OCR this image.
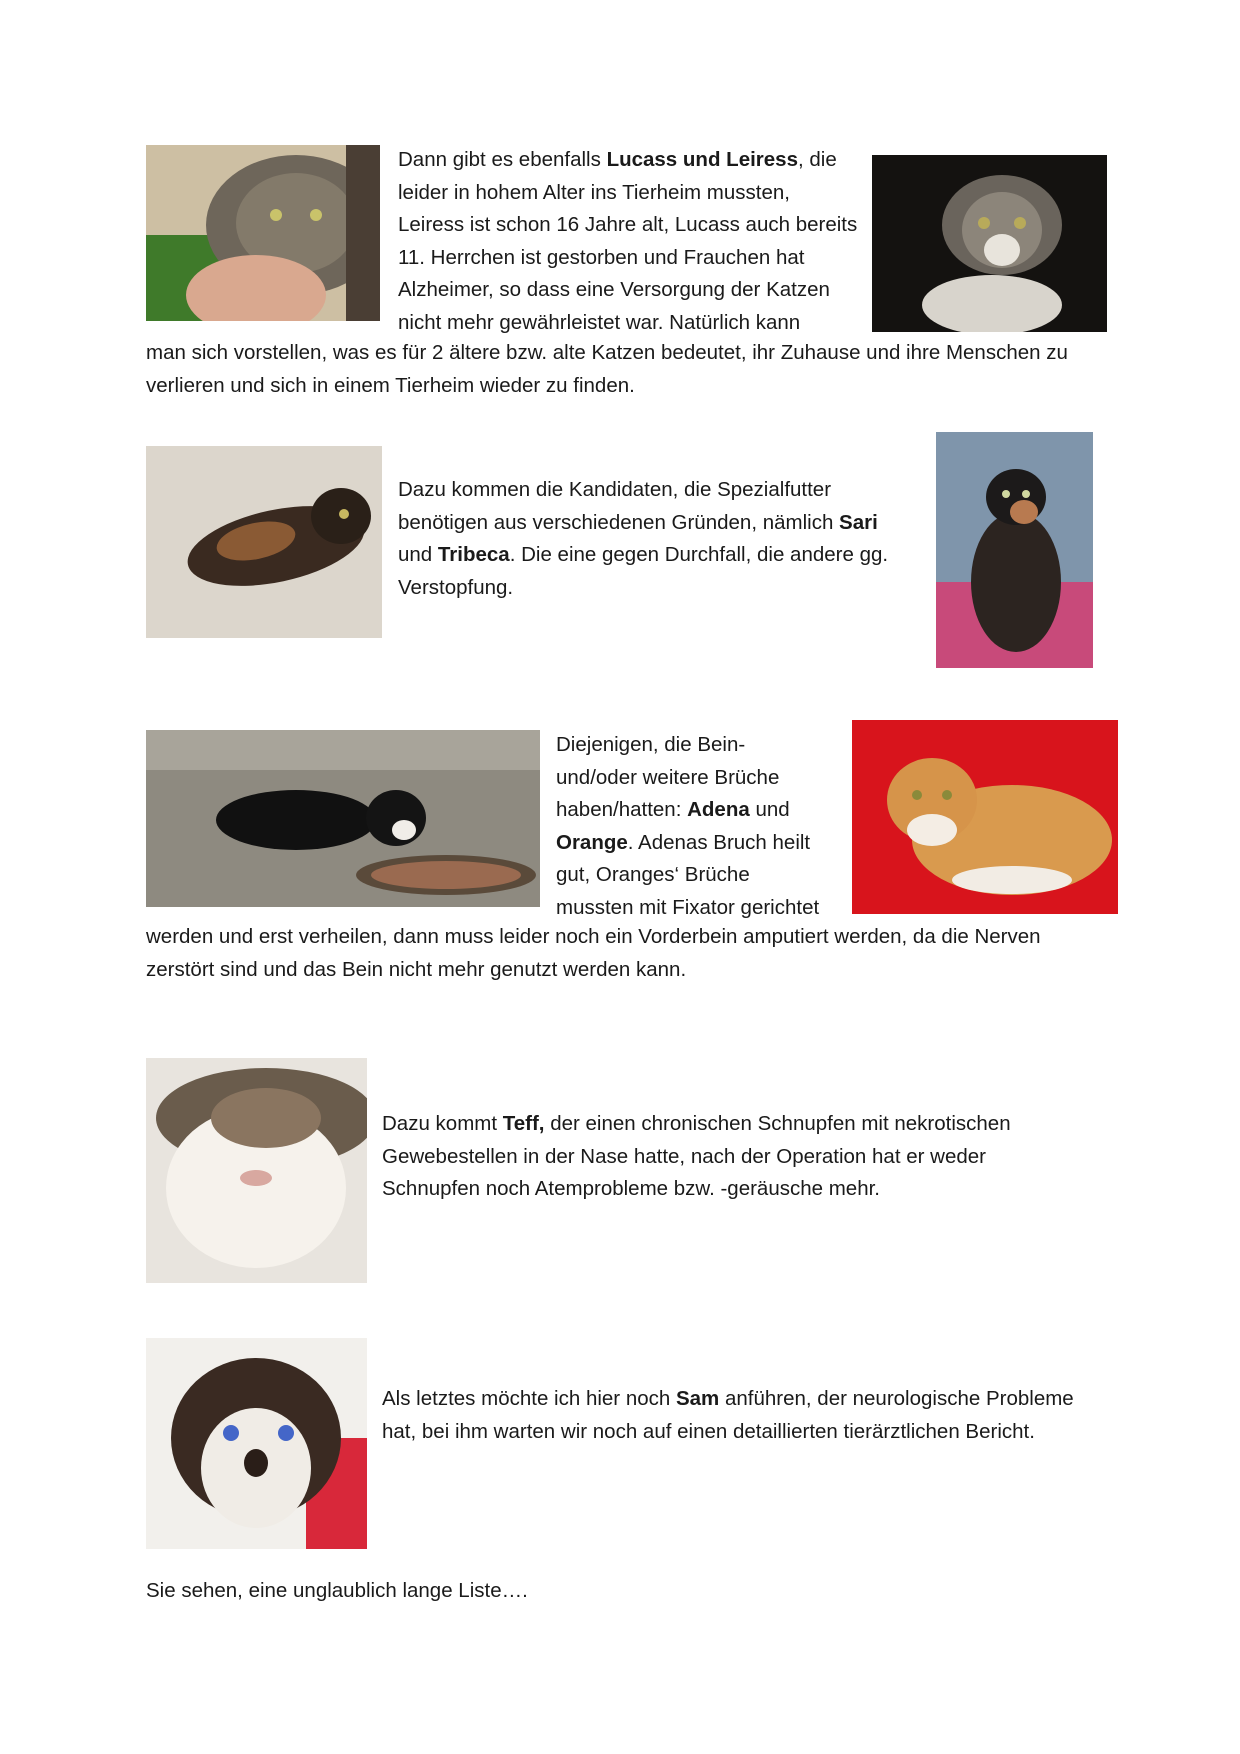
Dann gibt es ebenfalls Lucass und Leiress, die
leider in hohem Alter ins Tierheim mussten,
Leiress ist schon 16 Jahre alt, Lucass auch bereits
11. Herrchen ist gestorben und Frauchen hat
Alzheimer, so dass eine Versorgung der Katzen
nicht mehr gewährleistet war. Natürlich kann

man sich vorstellen, was es für 2 ältere bzw. alte Katzen bedeutet, ihr Zuhause und ihre Menschen zu
verlieren und sich in einem Tierheim wieder zu finden.

Dazu kommen die Kandidaten, die Spezialfutter
benötigen aus verschiedenen Gründen, nämlich Sari
und Tribeca. Die eine gegen Durchfall, die andere gg.
Verstopfung.

Diejenigen, die Bein-
und/oder weitere Brüche
haben/hatten: Adena und
Orange. Adenas Bruch heilt
gut, Oranges‘ Brüche
mussten mit Fixator gerichtet

werden und erst verheilen, dann muss leider noch ein Vorderbein amputiert werden, da die Nerven
zerstört sind und das Bein nicht mehr genutzt werden kann.

Dazu kommt Teff, der einen chronischen Schnupfen mit nekrotischen
Gewebestellen in der Nase hatte, nach der Operation hat er weder
Schnupfen noch Atemprobleme bzw. -geräusche mehr.

Als letztes möchte ich hier noch Sam anführen, der neurologische Probleme
hat, bei ihm warten wir noch auf einen detaillierten tierärztlichen Bericht.

Sie sehen, eine unglaublich lange Liste….
